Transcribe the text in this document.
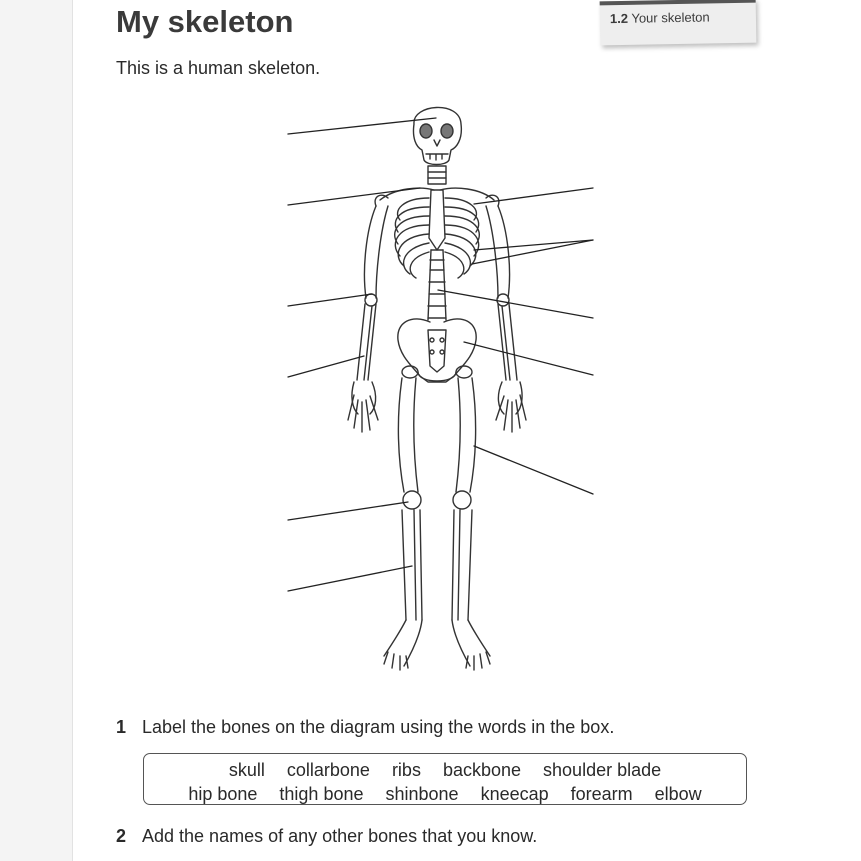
My skeleton

This is a human skeleton.

1.2 Your skeleton

1 Label the bones on the diagram using the words in the box.

skull collarbone ribs backbone shoulder blade
hip bone thigh bone shinbone kneecap forearm elbow

2 Add the names of any other bones that you know.
